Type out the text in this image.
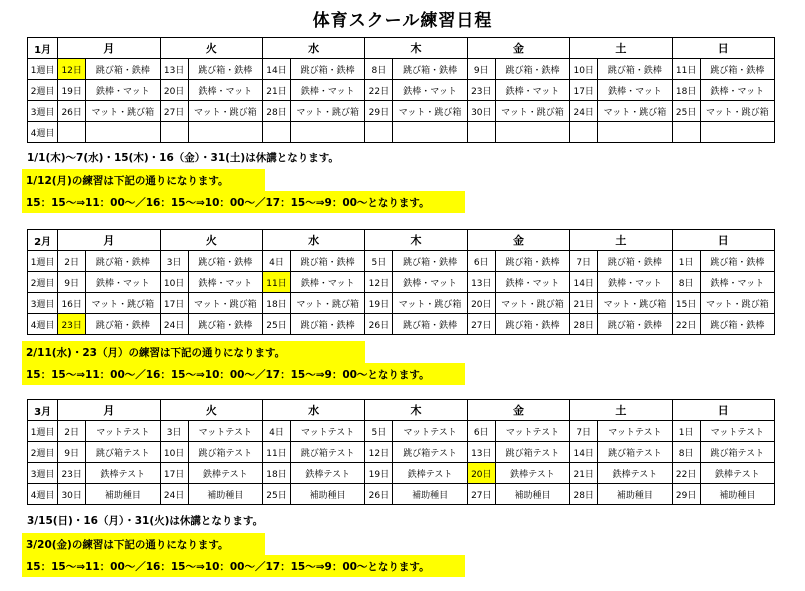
体育スクール練習日程
1月	月		火		水		木		金		土		日	
1週目	12日	跳び箱・鉄棒	13日	跳び箱・鉄棒	14日	跳び箱・鉄棒	8日	跳び箱・鉄棒	9日	跳び箱・鉄棒	10日	跳び箱・鉄棒	11日	跳び箱・鉄棒
2週目	19日	鉄棒・マット	20日	鉄棒・マット	21日	鉄棒・マット	22日	鉄棒・マット	23日	鉄棒・マット	17日	鉄棒・マット	18日	鉄棒・マット
3週目	26日	マット・跳び箱	27日	マット・跳び箱	28日	マット・跳び箱	29日	マット・跳び箱	30日	マット・跳び箱	24日	マット・跳び箱	25日	マット・跳び箱
4週目														
1/1(木)～7(水)・15(木)・16（金）・31(土)は休講となります。
1/12(月)の練習は下記の通りになります。
15：15～⇒11：00～／16：15～⇒10：00～／17：15～⇒9：00～となります。
2月	月		火		水		木		金		土		日	
1週目	2日	跳び箱・鉄棒	3日	跳び箱・鉄棒	4日	跳び箱・鉄棒	5日	跳び箱・鉄棒	6日	跳び箱・鉄棒	7日	跳び箱・鉄棒	1日	跳び箱・鉄棒
2週目	9日	鉄棒・マット	10日	鉄棒・マット	11日	鉄棒・マット	12日	鉄棒・マット	13日	鉄棒・マット	14日	鉄棒・マット	8日	鉄棒・マット
3週目	16日	マット・跳び箱	17日	マット・跳び箱	18日	マット・跳び箱	19日	マット・跳び箱	20日	マット・跳び箱	21日	マット・跳び箱	15日	マット・跳び箱
4週目	23日	跳び箱・鉄棒	24日	跳び箱・鉄棒	25日	跳び箱・鉄棒	26日	跳び箱・鉄棒	27日	跳び箱・鉄棒	28日	跳び箱・鉄棒	22日	跳び箱・鉄棒
2/11(水)・23（月）の練習は下記の通りになります。
15：15～⇒11：00～／16：15～⇒10：00～／17：15～⇒9：00～となります。
3月	月		火		水		木		金		土		日	
1週目	2日	マットテスト	3日	マットテスト	4日	マットテスト	5日	マットテスト	6日	マットテスト	7日	マットテスト	1日	マットテスト
2週目	9日	跳び箱テスト	10日	跳び箱テスト	11日	跳び箱テスト	12日	跳び箱テスト	13日	跳び箱テスト	14日	跳び箱テスト	8日	跳び箱テスト
3週目	23日	鉄棒テスト	17日	鉄棒テスト	18日	鉄棒テスト	19日	鉄棒テスト	20日	鉄棒テスト	21日	鉄棒テスト	22日	鉄棒テスト
4週目	30日	補助種目	24日	補助種目	25日	補助種目	26日	補助種目	27日	補助種目	28日	補助種目	29日	補助種目
3/15(日)・16（月）・31(火)は休講となります。
3/20(金)の練習は下記の通りになります。
15：15～⇒11：00～／16：15～⇒10：00～／17：15～⇒9：00～となります。
